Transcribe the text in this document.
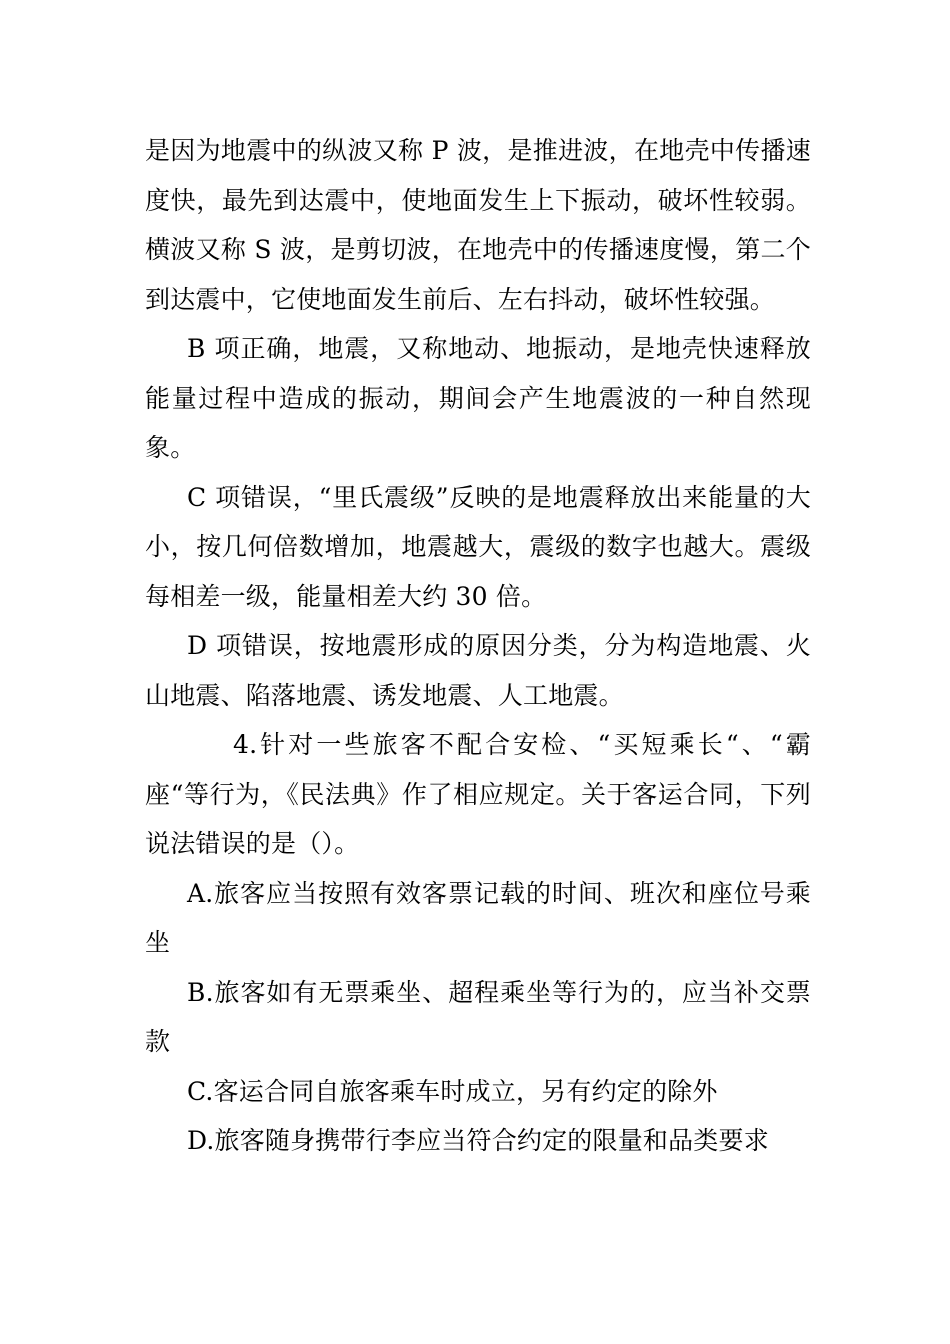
是因为地震中的纵波又称 P 波，是推进波，在地壳中传播速度快，最先到达震中，使地面发生上下振动，破坏性较弱。横波又称 S 波，是剪切波，在地壳中的传播速度慢，第二个到达震中，它使地面发生前后、左右抖动，破坏性较强。

B 项正确，地震，又称地动、地振动，是地壳快速释放能量过程中造成的振动，期间会产生地震波的一种自然现象。

C 项错误，“里氏震级”反映的是地震释放出来能量的大小，按几何倍数增加，地震越大，震级的数字也越大。震级每相差一级，能量相差大约 30 倍。

D 项错误，按地震形成的原因分类，分为构造地震、火山地震、陷落地震、诱发地震、人工地震。

4.针对一些旅客不配合安检、“买短乘长“、“霸座“等行为，《民法典》作了相应规定。关于客运合同，下列说法错误的是（）。

A.旅客应当按照有效客票记载的时间、班次和座位号乘坐

B.旅客如有无票乘坐、超程乘坐等行为的，应当补交票款

C.客运合同自旅客乘车时成立，另有约定的除外

D.旅客随身携带行李应当符合约定的限量和品类要求
